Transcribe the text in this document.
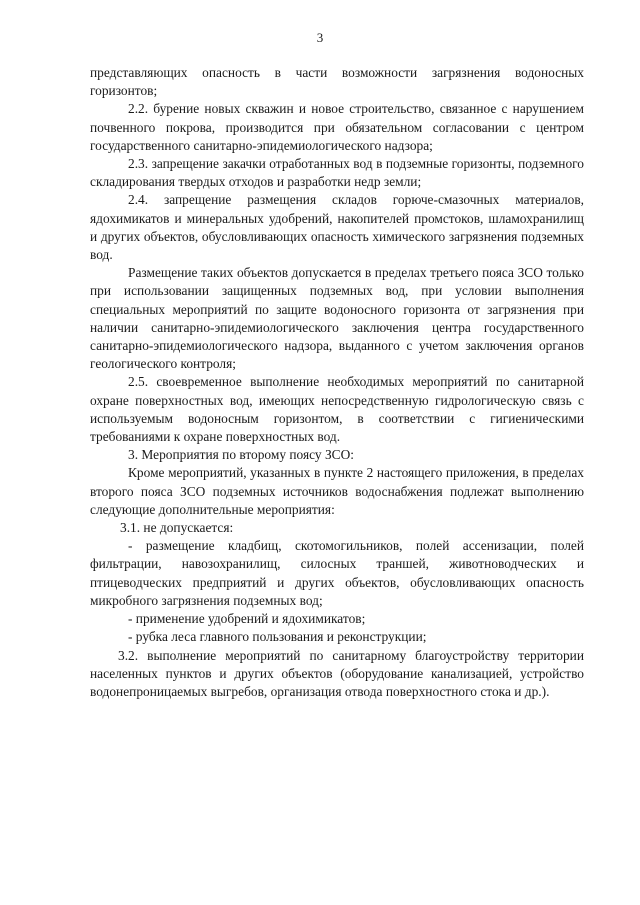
3

представляющих опасность в части возможности загрязнения водоносных горизонтов;

2.2. бурение новых скважин и новое строительство, связанное с нарушением почвенного покрова, производится при обязательном согласовании с центром государственного санитарно-эпидемиологического надзора;

2.3. запрещение закачки отработанных вод в подземные горизонты, подземного складирования твердых отходов и разработки недр земли;

2.4. запрещение размещения складов горюче-смазочных материалов, ядохимикатов и минеральных удобрений, накопителей промстоков, шламохранилищ и других объектов, обусловливающих опасность химического загрязнения подземных вод.

Размещение таких объектов допускается в пределах третьего пояса ЗСО только при использовании защищенных подземных вод, при условии выполнения специальных мероприятий по защите водоносного горизонта от загрязнения при наличии санитарно-эпидемиологического заключения центра государственного санитарно-эпидемиологического надзора, выданного с учетом заключения органов геологического контроля;

2.5. своевременное выполнение необходимых мероприятий по санитарной охране поверхностных вод, имеющих непосредственную гидрологическую связь с используемым водоносным горизонтом, в соответствии с гигиеническими требованиями к охране поверхностных вод.

3. Мероприятия по второму поясу ЗСО:

Кроме мероприятий, указанных в пункте 2 настоящего приложения, в пределах второго пояса ЗСО подземных источников водоснабжения подлежат выполнению следующие дополнительные мероприятия:

3.1. не допускается:

- размещение кладбищ, скотомогильников, полей ассенизации, полей фильтрации, навозохранилищ, силосных траншей, животноводческих и птицеводческих предприятий и других объектов, обусловливающих опасность микробного загрязнения подземных вод;

- применение удобрений и ядохимикатов;

- рубка леса главного пользования и реконструкции;

3.2. выполнение мероприятий по санитарному благоустройству территории населенных пунктов и других объектов (оборудование канализацией, устройство водонепроницаемых выгребов, организация отвода поверхностного стока и др.).
